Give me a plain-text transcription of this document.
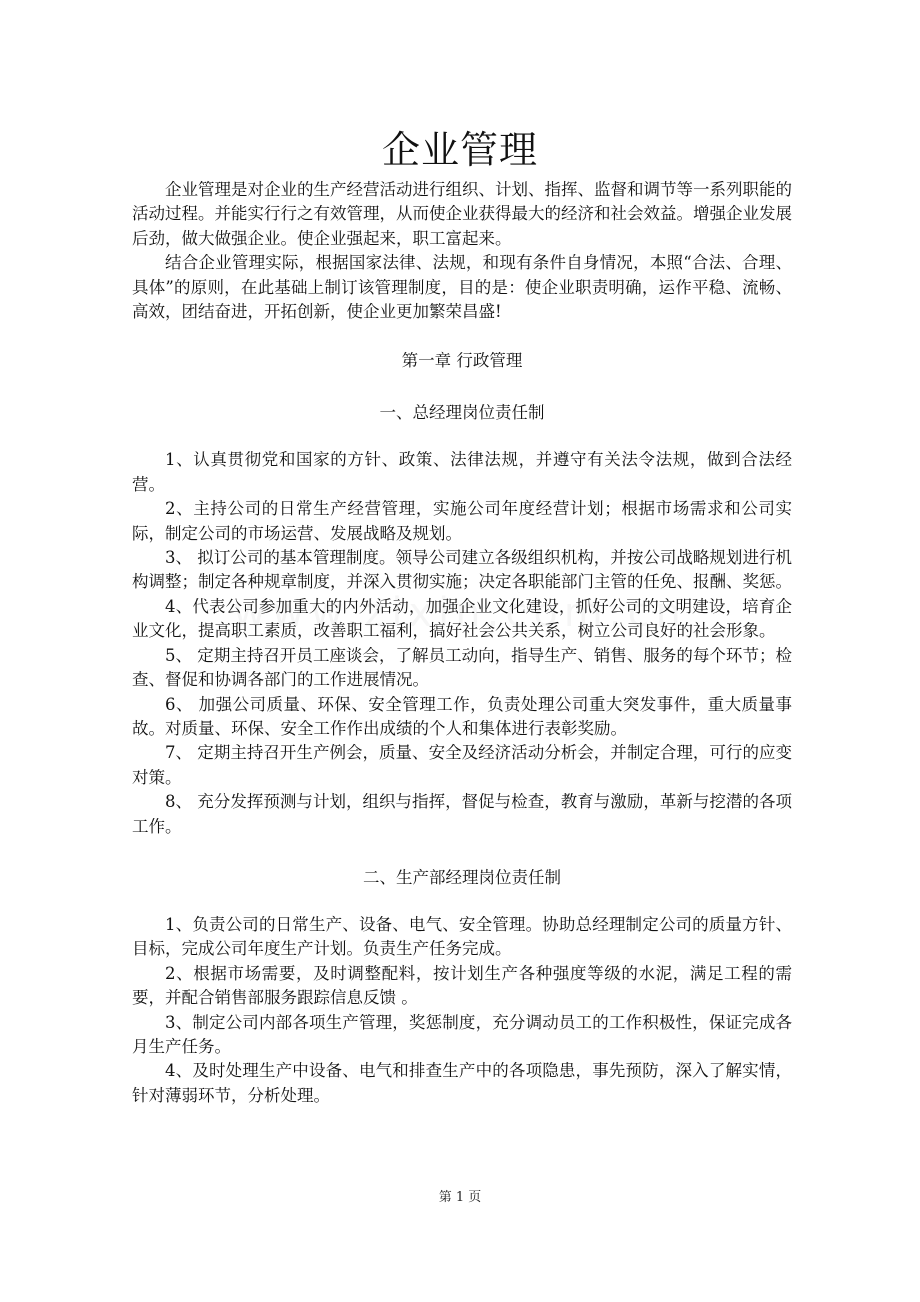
企业管理

企业管理是对企业的生产经营活动进行组织、计划、指挥、监督和调节等一系列职能的活动过程。并能实行行之有效管理，从而使企业获得最大的经济和社会效益。增强企业发展后劲，做大做强企业。使企业强起来，职工富起来。

结合企业管理实际，根据国家法律、法规，和现有条件自身情况，本照“合法、合理、具体”的原则，在此基础上制订该管理制度，目的是：使企业职责明确，运作平稳、流畅、高效，团结奋进，开拓创新，使企业更加繁荣昌盛!

第一章 行政管理

一、总经理岗位责任制

1、认真贯彻党和国家的方针、政策、法律法规，并遵守有关法令法规，做到合法经营。

2、主持公司的日常生产经营管理，实施公司年度经营计划；根据市场需求和公司实际，制定公司的市场运营、发展战略及规划。

3、 拟订公司的基本管理制度。领导公司建立各级组织机构，并按公司战略规划进行机构调整；制定各种规章制度，并深入贯彻实施；决定各职能部门主管的任免、报酬、奖惩。

4、代表公司参加重大的内外活动，加强企业文化建设，抓好公司的文明建设，培育企业文化，提高职工素质，改善职工福利，搞好社会公共关系，树立公司良好的社会形象。

5、 定期主持召开员工座谈会，了解员工动向，指导生产、销售、服务的每个环节；检查、督促和协调各部门的工作进展情况。

6、 加强公司质量、环保、安全管理工作，负责处理公司重大突发事件，重大质量事故。对质量、环保、安全工作作出成绩的个人和集体进行表彰奖励。

7、 定期主持召开生产例会，质量、安全及经济活动分析会，并制定合理，可行的应变对策。

8、 充分发挥预测与计划，组织与指挥，督促与检查，教育与激励，革新与挖潜的各项工作。

二、生产部经理岗位责任制

1、负责公司的日常生产、设备、电气、安全管理。协助总经理制定公司的质量方针、目标，完成公司年度生产计划。负责生产任务完成。

2、根据市场需要，及时调整配料，按计划生产各种强度等级的水泥，满足工程的需要，并配合销售部服务跟踪信息反馈 。

3、制定公司内部各项生产管理，奖惩制度，充分调动员工的工作积极性，保证完成各月生产任务。

4、及时处理生产中设备、电气和排查生产中的各项隐患，事先预防，深入了解实情，针对薄弱环节，分析处理。

第 1 页
